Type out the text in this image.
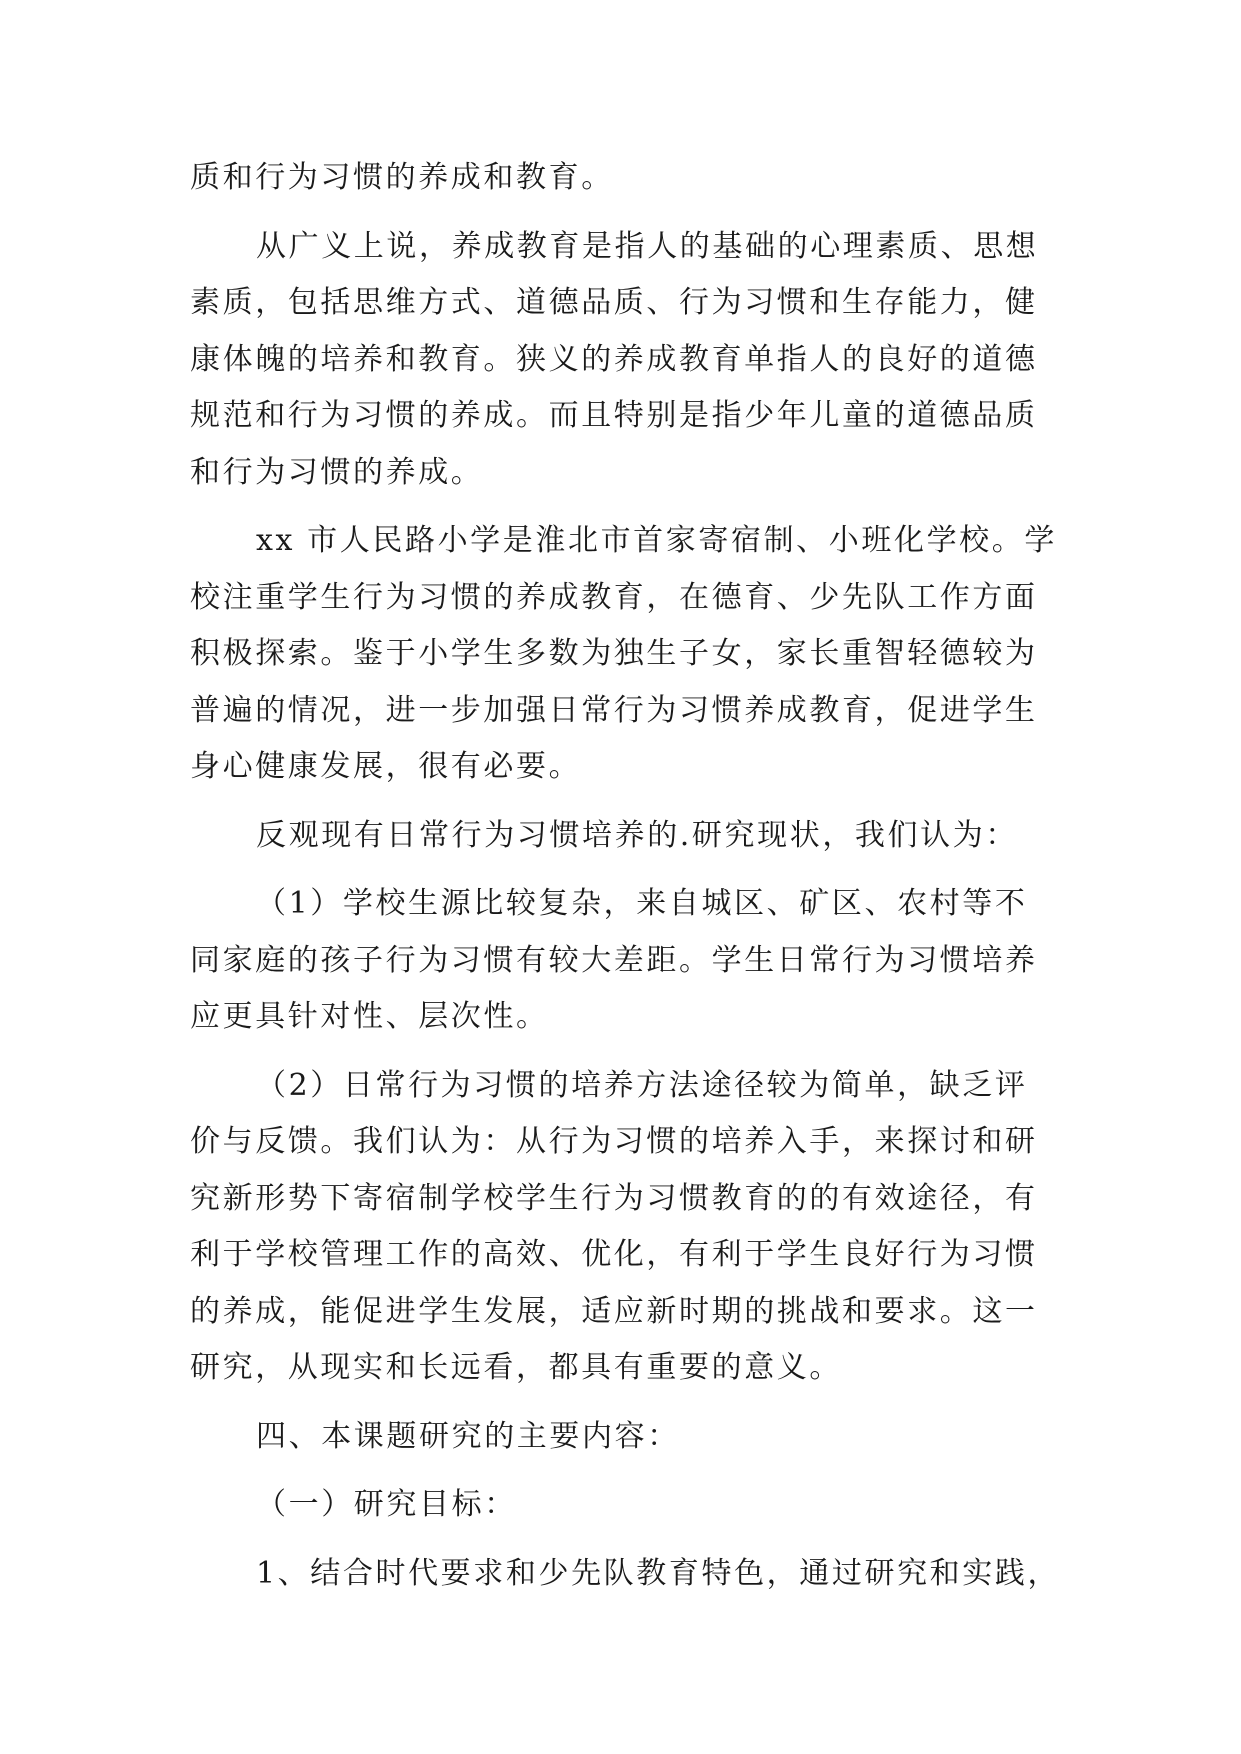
质和行为习惯的养成和教育。
从广义上说，养成教育是指人的基础的心理素质、思想
素质，包括思维方式、道德品质、行为习惯和生存能力，健
康体魄的培养和教育。狭义的养成教育单指人的良好的道德
规范和行为习惯的养成。而且特别是指少年儿童的道德品质
和行为习惯的养成。
xx 市人民路小学是淮北市首家寄宿制、小班化学校。学
校注重学生行为习惯的养成教育，在德育、少先队工作方面
积极探索。鉴于小学生多数为独生子女，家长重智轻德较为
普遍的情况，进一步加强日常行为习惯养成教育，促进学生
身心健康发展，很有必要。
反观现有日常行为习惯培养的.研究现状，我们认为：
（1）学校生源比较复杂，来自城区、矿区、农村等不
同家庭的孩子行为习惯有较大差距。学生日常行为习惯培养
应更具针对性、层次性。
（2）日常行为习惯的培养方法途径较为简单，缺乏评
价与反馈。我们认为：从行为习惯的培养入手，来探讨和研
究新形势下寄宿制学校学生行为习惯教育的的有效途径，有
利于学校管理工作的高效、优化，有利于学生良好行为习惯
的养成，能促进学生发展，适应新时期的挑战和要求。这一
研究，从现实和长远看，都具有重要的意义。
四、本课题研究的主要内容：
（一）研究目标：
1、结合时代要求和少先队教育特色，通过研究和实践，
